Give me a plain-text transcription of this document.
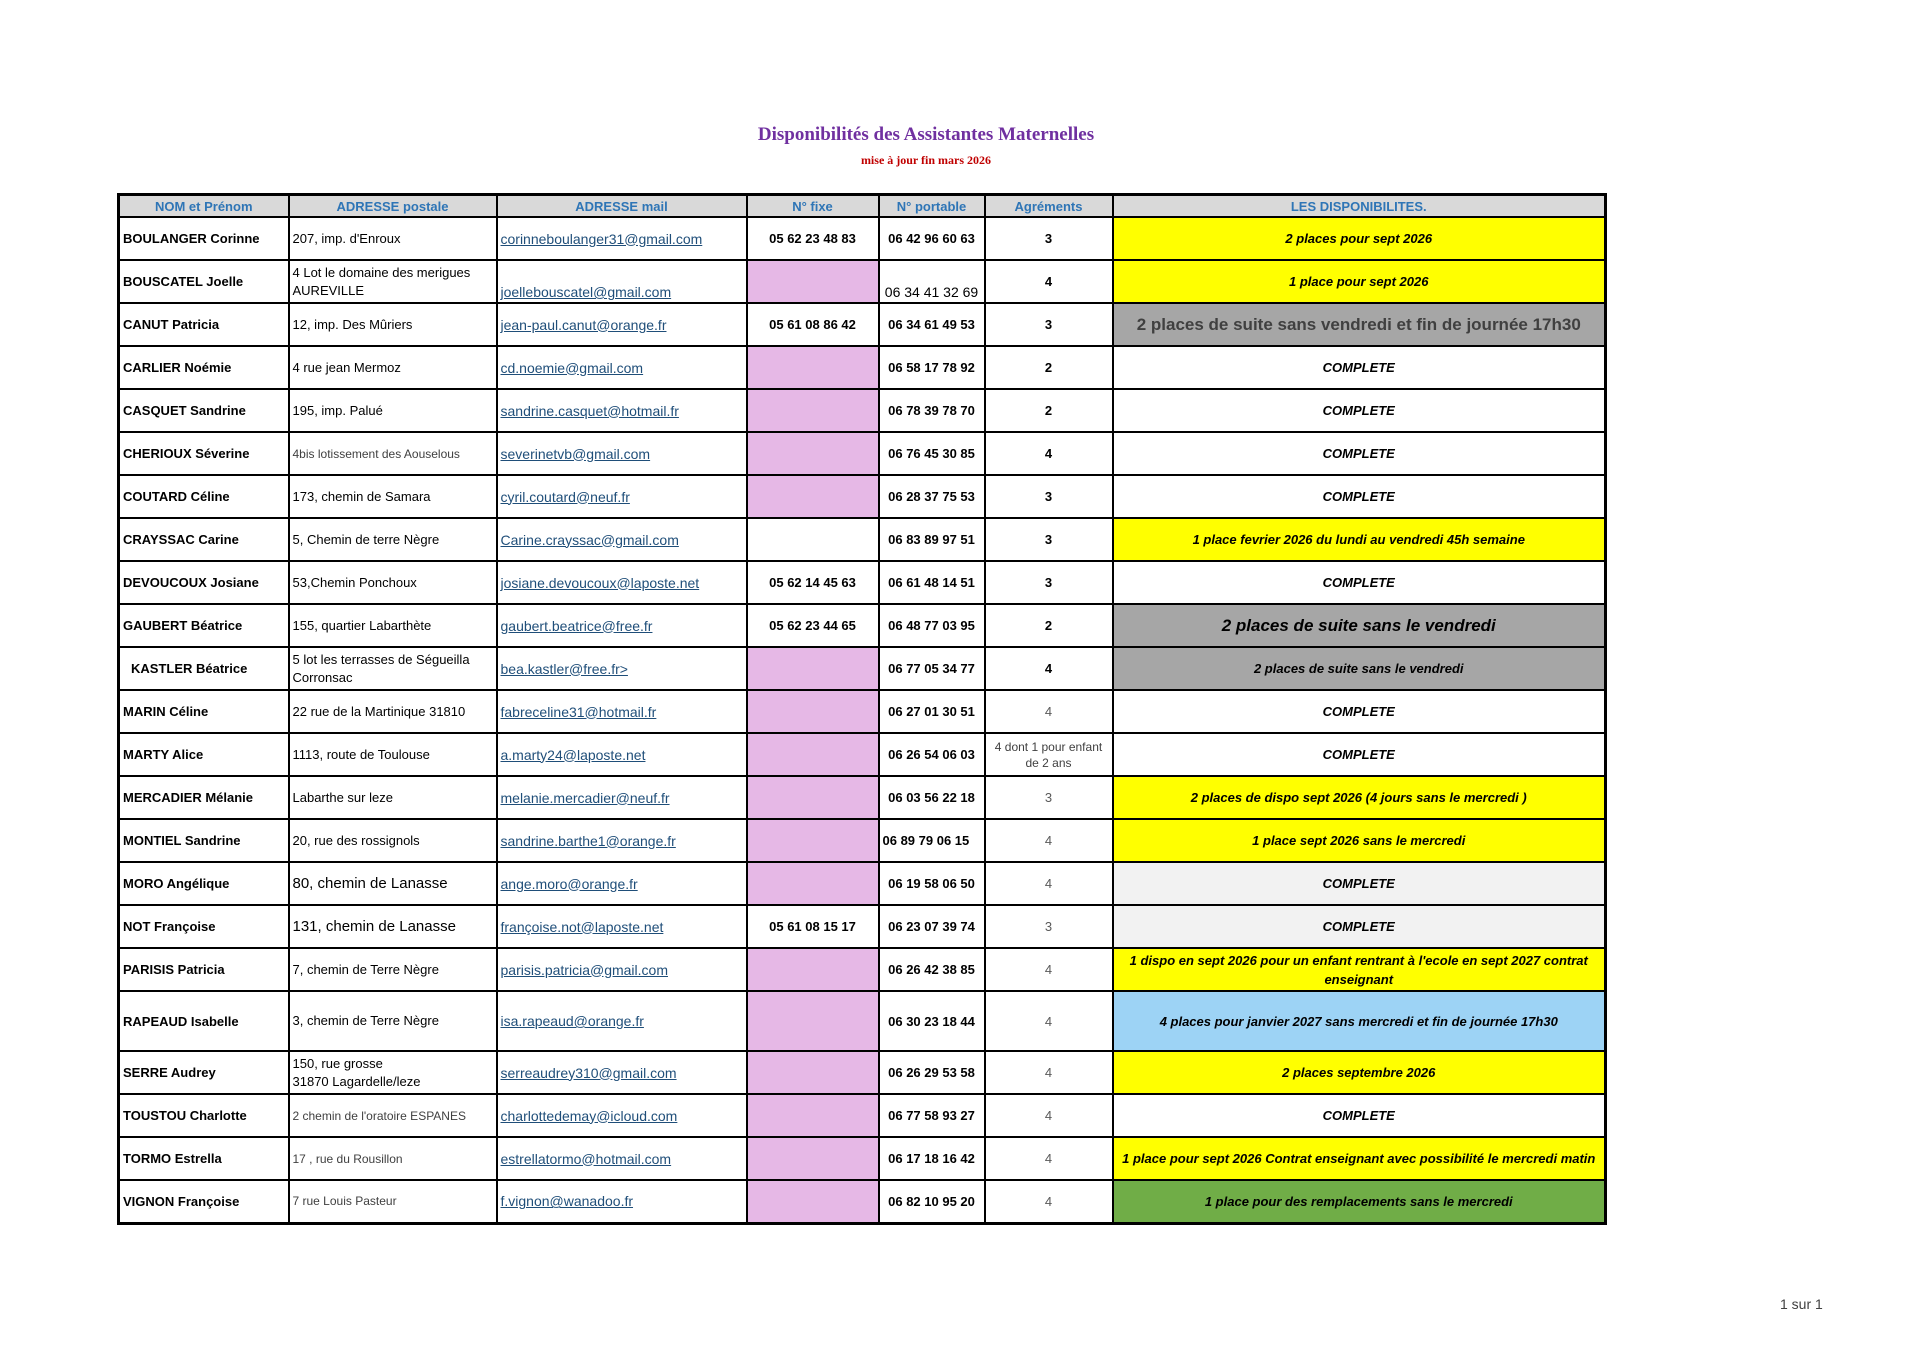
Disponibilités des Assistantes Maternelles
mise à jour fin mars 2026
NOM et Prénom	ADRESSE postale	ADRESSE mail	N° fixe	N° portable	Agréments	LES DISPONIBILITES.
BOULANGER Corinne	207, imp. d'Enroux	corinneboulanger31@gmail.com	05 62 23 48 83	06 42 96 60 63	3	2 places pour sept 2026
BOUSCATEL Joelle	4 Lot le domaine des merigues
AUREVILLE	joellebouscatel@gmail.com		06 34 41 32 69	4	1 place pour sept 2026
CANUT Patricia	12, imp. Des Mûriers	jean-paul.canut@orange.fr	05 61 08 86 42	06 34 61 49 53	3	2 places de suite sans vendredi et fin de journée 17h30
CARLIER Noémie	4 rue jean Mermoz	cd.noemie@gmail.com		06 58 17 78 92	2	COMPLETE
CASQUET Sandrine	195, imp. Palué	sandrine.casquet@hotmail.fr		06 78 39 78 70	2	COMPLETE
CHERIOUX Séverine	4bis lotissement des Aouselous	severinetvb@gmail.com		06 76 45 30 85	4	COMPLETE
COUTARD Céline	173, chemin de Samara	cyril.coutard@neuf.fr		06 28 37 75 53	3	COMPLETE
CRAYSSAC Carine	5, Chemin de terre Nègre	Carine.crayssac@gmail.com		06 83 89 97 51	3	1 place fevrier 2026 du lundi au vendredi 45h semaine
DEVOUCOUX Josiane	53,Chemin Ponchoux	josiane.devoucoux@laposte.net	05 62 14 45 63	06 61 48 14 51	3	COMPLETE
GAUBERT Béatrice	155, quartier Labarthète	gaubert.beatrice@free.fr	05 62 23 44 65	06 48 77 03 95	2	2 places de suite sans le vendredi
KASTLER Béatrice	5 lot les terrasses de Ségueilla
Corronsac	bea.kastler@free.fr>		06 77 05 34 77	4	2 places de suite sans le vendredi
MARIN Céline	22 rue de la Martinique 31810	fabreceline31@hotmail.fr		06 27 01 30 51	4	COMPLETE
MARTY Alice	1113, route de Toulouse	a.marty24@laposte.net		06 26 54 06 03	4 dont 1 pour enfant de 2 ans	COMPLETE
MERCADIER Mélanie	Labarthe sur leze	melanie.mercadier@neuf.fr		06 03 56 22 18	3	2 places de dispo sept 2026 (4 jours sans le mercredi )
MONTIEL Sandrine	20, rue des rossignols	sandrine.barthe1@orange.fr		06 89 79 06 15	4	1 place sept 2026 sans le mercredi
MORO Angélique	80, chemin de Lanasse	ange.moro@orange.fr		06 19 58 06 50	4	COMPLETE
NOT Françoise	131, chemin de Lanasse	françoise.not@laposte.net	05 61 08 15 17	06 23 07 39 74	3	COMPLETE
PARISIS Patricia	7, chemin de Terre Nègre	parisis.patricia@gmail.com		06 26 42 38 85	4	1 dispo en sept 2026 pour un enfant rentrant à l'ecole en sept 2027 contrat enseignant
RAPEAUD Isabelle	3, chemin de Terre Nègre	isa.rapeaud@orange.fr		06 30 23 18 44	4	4 places pour janvier 2027 sans mercredi et fin de journée 17h30
SERRE Audrey	150, rue grosse
31870 Lagardelle/leze	serreaudrey310@gmail.com		06 26 29 53 58	4	2 places septembre 2026
TOUSTOU Charlotte	2 chemin de l'oratoire ESPANES	charlottedemay@icloud.com		06 77 58 93 27	4	COMPLETE
TORMO Estrella	17 , rue du Rousillon	estrellatormo@hotmail.com		06 17 18 16 42	4	1 place pour sept 2026 Contrat enseignant avec possibilité le mercredi matin
VIGNON Françoise	7 rue Louis Pasteur	f.vignon@wanadoo.fr		06 82 10 95 20	4	1 place pour des remplacements sans le mercredi
1 sur 1
